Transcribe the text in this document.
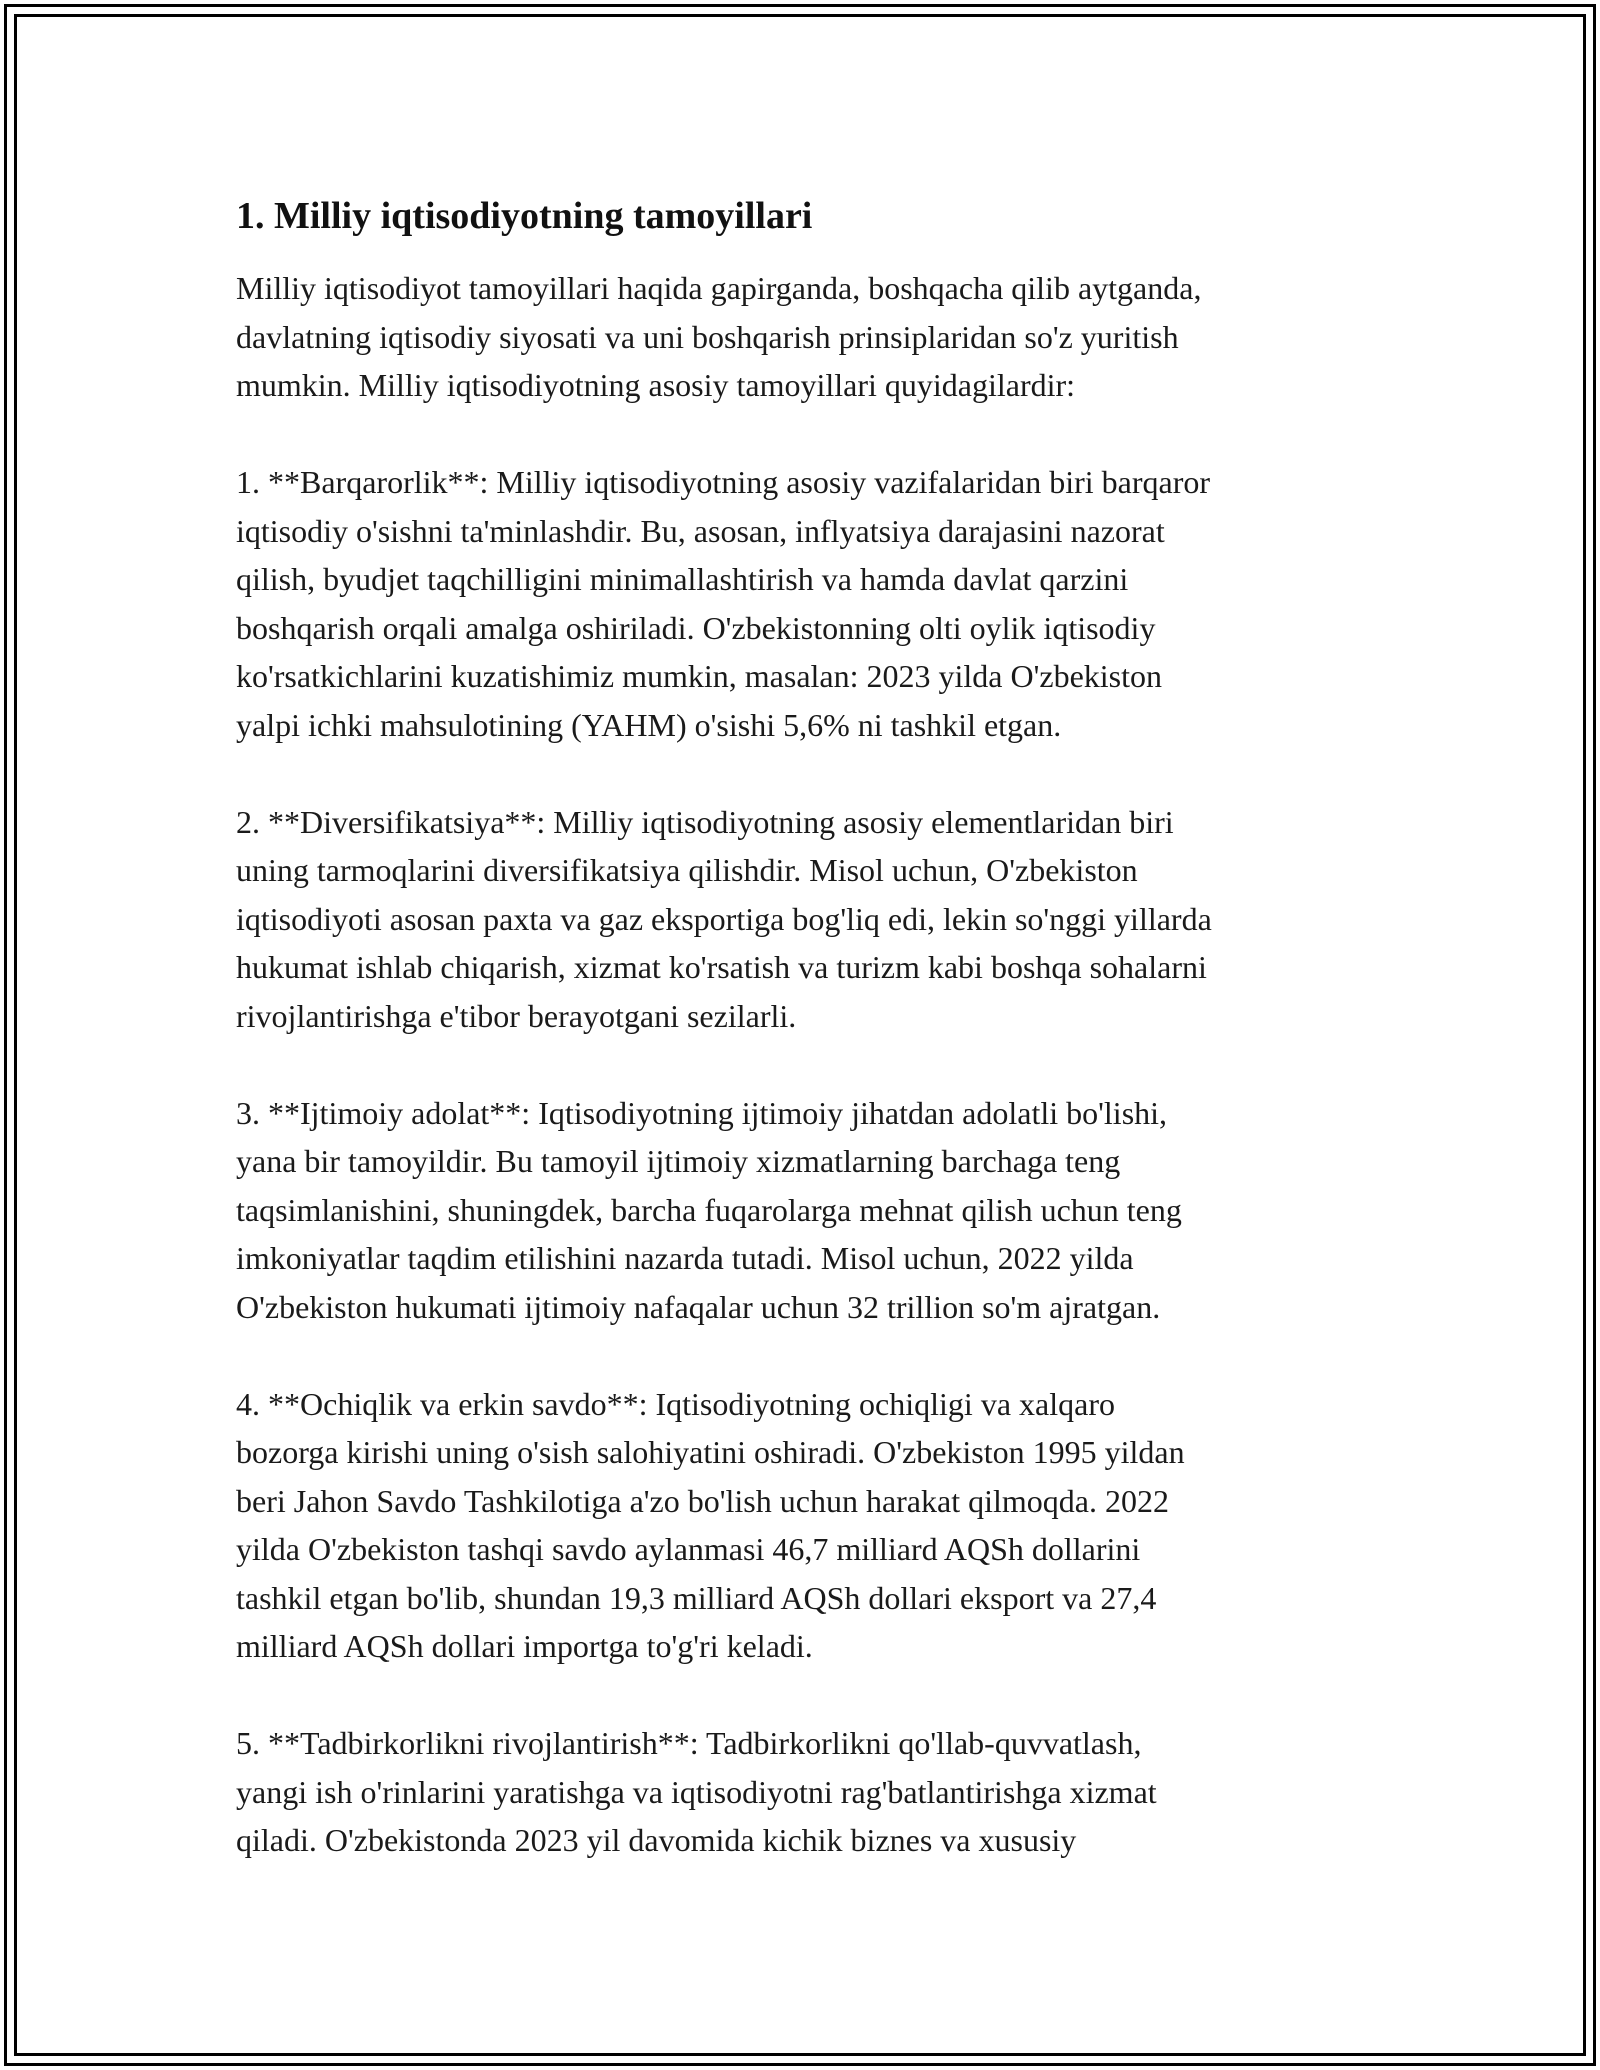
1. Milliy iqtisodiyotning tamoyillari

Milliy iqtisodiyot tamoyillari haqida gapirganda, boshqacha qilib aytganda,
davlatning iqtisodiy siyosati va uni boshqarish prinsiplaridan so'z yuritish
mumkin. Milliy iqtisodiyotning asosiy tamoyillari quyidagilardir:

1. **Barqarorlik**: Milliy iqtisodiyotning asosiy vazifalaridan biri barqaror
iqtisodiy o'sishni ta'minlashdir. Bu, asosan, inflyatsiya darajasini nazorat
qilish, byudjet taqchilligini minimallashtirish va hamda davlat qarzini
boshqarish orqali amalga oshiriladi. O'zbekistonning olti oylik iqtisodiy
ko'rsatkichlarini kuzatishimiz mumkin, masalan: 2023 yilda O'zbekiston
yalpi ichki mahsulotining (YAHM) o'sishi 5,6% ni tashkil etgan.

2. **Diversifikatsiya**: Milliy iqtisodiyotning asosiy elementlaridan biri
uning tarmoqlarini diversifikatsiya qilishdir. Misol uchun, O'zbekiston
iqtisodiyoti asosan paxta va gaz eksportiga bog'liq edi, lekin so'nggi yillarda
hukumat ishlab chiqarish, xizmat ko'rsatish va turizm kabi boshqa sohalarni
rivojlantirishga e'tibor berayotgani sezilarli.

3. **Ijtimoiy adolat**: Iqtisodiyotning ijtimoiy jihatdan adolatli bo'lishi,
yana bir tamoyildir. Bu tamoyil ijtimoiy xizmatlarning barchaga teng
taqsimlanishini, shuningdek, barcha fuqarolarga mehnat qilish uchun teng
imkoniyatlar taqdim etilishini nazarda tutadi. Misol uchun, 2022 yilda
O'zbekiston hukumati ijtimoiy nafaqalar uchun 32 trillion so'm ajratgan.

4. **Ochiqlik va erkin savdo**: Iqtisodiyotning ochiqligi va xalqaro
bozorga kirishi uning o'sish salohiyatini oshiradi. O'zbekiston 1995 yildan
beri Jahon Savdo Tashkilotiga a'zo bo'lish uchun harakat qilmoqda. 2022
yilda O'zbekiston tashqi savdo aylanmasi 46,7 milliard AQSh dollarini
tashkil etgan bo'lib, shundan 19,3 milliard AQSh dollari eksport va 27,4
milliard AQSh dollari importga to'g'ri keladi.

5. **Tadbirkorlikni rivojlantirish**: Tadbirkorlikni qo'llab-quvvatlash,
yangi ish o'rinlarini yaratishga va iqtisodiyotni rag'batlantirishga xizmat
qiladi. O'zbekistonda 2023 yil davomida kichik biznes va xususiy
